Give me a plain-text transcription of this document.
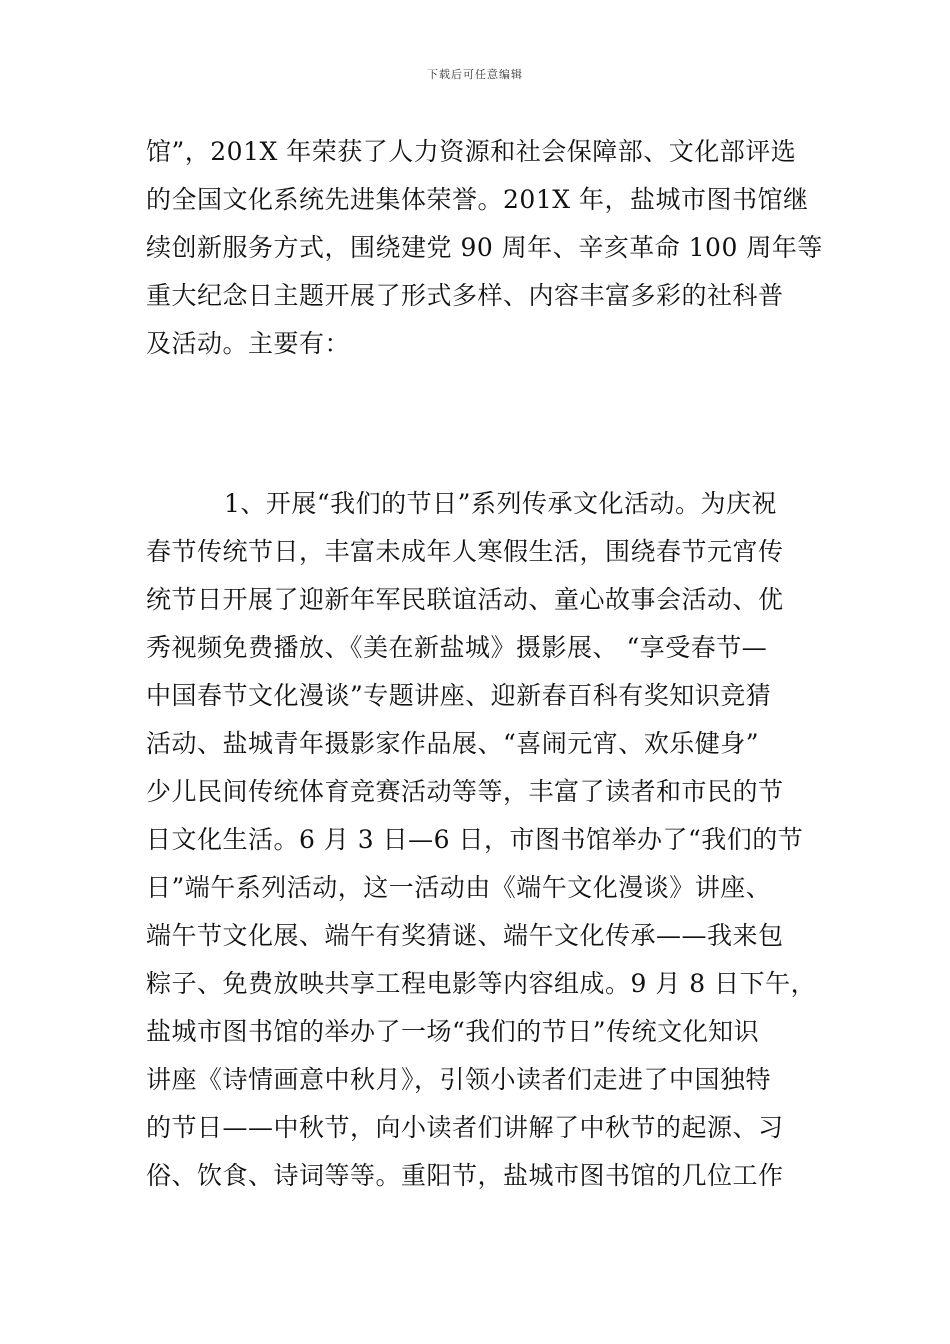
下载后可任意编辑
馆”，201X 年荣获了人力资源和社会保障部、文化部评选
的全国文化系统先进集体荣誉。201X 年，盐城市图书馆继
续创新服务方式，围绕建党 90 周年、辛亥革命 100 周年等
重大纪念日主题开展了形式多样、内容丰富多彩的社科普
及活动。主要有：
1、开展“我们的节日”系列传承文化活动。为庆祝
春节传统节日，丰富未成年人寒假生活，围绕春节元宵传
统节日开展了迎新年军民联谊活动、童心故事会活动、优
秀视频免费播放、《美在新盐城》摄影展、 “享受春节—
中国春节文化漫谈”专题讲座、迎新春百科有奖知识竞猜
活动、盐城青年摄影家作品展、“喜闹元宵、欢乐健身”
少儿民间传统体育竞赛活动等等，丰富了读者和市民的节
日文化生活。6 月 3 日—6 日，市图书馆举办了“我们的节
日”端午系列活动，这一活动由《端午文化漫谈》讲座、
端午节文化展、端午有奖猜谜、端午文化传承——我来包
粽子、免费放映共享工程电影等内容组成。9 月 8 日下午，
盐城市图书馆的举办了一场“我们的节日”传统文化知识
讲座《诗情画意中秋月》，引领小读者们走进了中国独特
的节日——中秋节，向小读者们讲解了中秋节的起源、习
俗、饮食、诗词等等。重阳节，盐城市图书馆的几位工作
